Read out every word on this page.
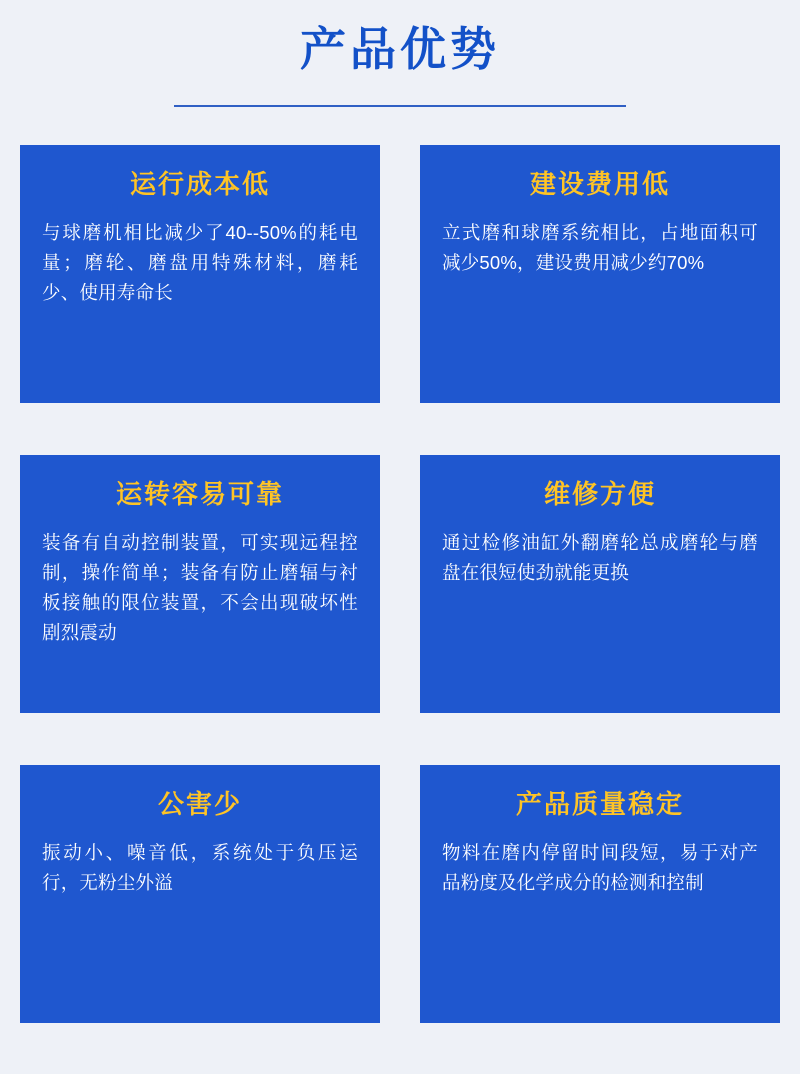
产品优势
运行成本低
与球磨机相比减少了40--50%的耗电量；磨轮、磨盘用特殊材料，磨耗少、使用寿命长
建设费用低
立式磨和球磨系统相比，占地面积可减少50%，建设费用减少约70%
运转容易可靠
装备有自动控制装置，可实现远程控制，操作简单；装备有防止磨辐与衬板接触的限位装置，不会出现破坏性剧烈震动
维修方便
通过检修油缸外翻磨轮总成磨轮与磨盘在很短使劲就能更换
公害少
振动小、噪音低，系统处于负压运行，无粉尘外溢
产品质量稳定
物料在磨内停留时间段短，易于对产品粉度及化学成分的检测和控制
